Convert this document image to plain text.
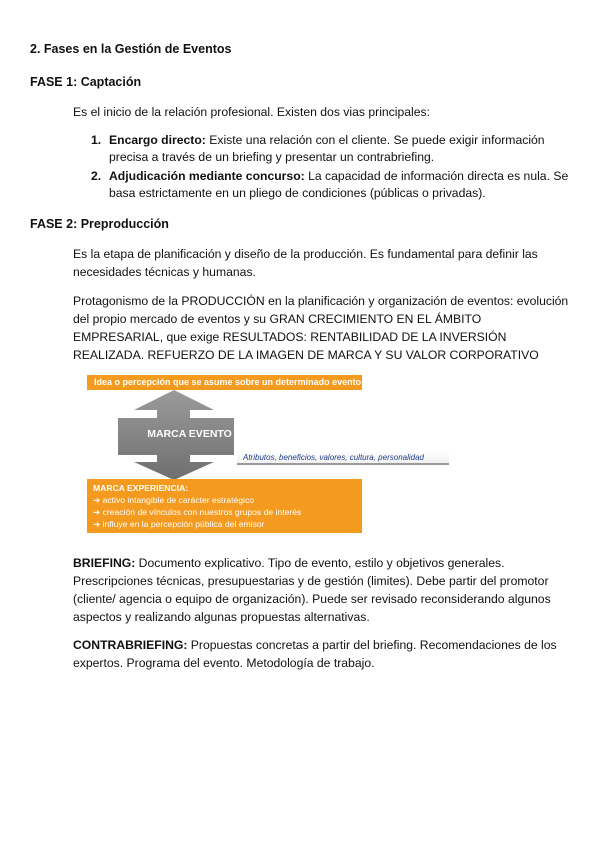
2. Fases en la Gestión de Eventos
FASE 1: Captación
Es el inicio de la relación profesional. Existen dos vias principales:
1. Encargo directo: Existe una relación con el cliente. Se puede exigir información precisa a través de un briefing y presentar un contrabriefing.
2. Adjudicación mediante concurso: La capacidad de información directa es nula. Se basa estrictamente en un pliego de condiciones (públicas o privadas).
FASE 2: Preproducción
Es la etapa de planificación y diseño de la producción. Es fundamental para definir las necesidades técnicas y humanas.
Protagonismo de la PRODUCCIÓN en la planificación y organización de eventos: evolución del propio mercado de eventos y su GRAN CRECIMIENTO EN EL ÁMBITO EMPRESARIAL, que exige RESULTADOS: RENTABILIDAD DE LA INVERSIÓN REALIZADA. REFUERZO DE LA IMAGEN DE MARCA Y SU VALOR CORPORATIVO
Idea o percepción que se asume sobre un determinado evento
MARCA EVENTO
Atributos, beneficios, valores, cultura, personalidad
MARCA EXPERIENCIA:
➔ activo intangible de carácter estratégico
➔ creación de vínculos con nuestros grupos de interés
➔ influye en la percepción pública del emisor
BRIEFING: Documento explicativo. Tipo de evento, estilo y objetivos generales. Prescripciones técnicas, presupuestarias y de gestión (limites). Debe partir del promotor (cliente/ agencia o equipo de organización). Puede ser revisado reconsiderando algunos aspectos y realizando algunas propuestas alternativas.
CONTRABRIEFING: Propuestas concretas a partir del briefing. Recomendaciones de los expertos. Programa del evento. Metodología de trabajo.
